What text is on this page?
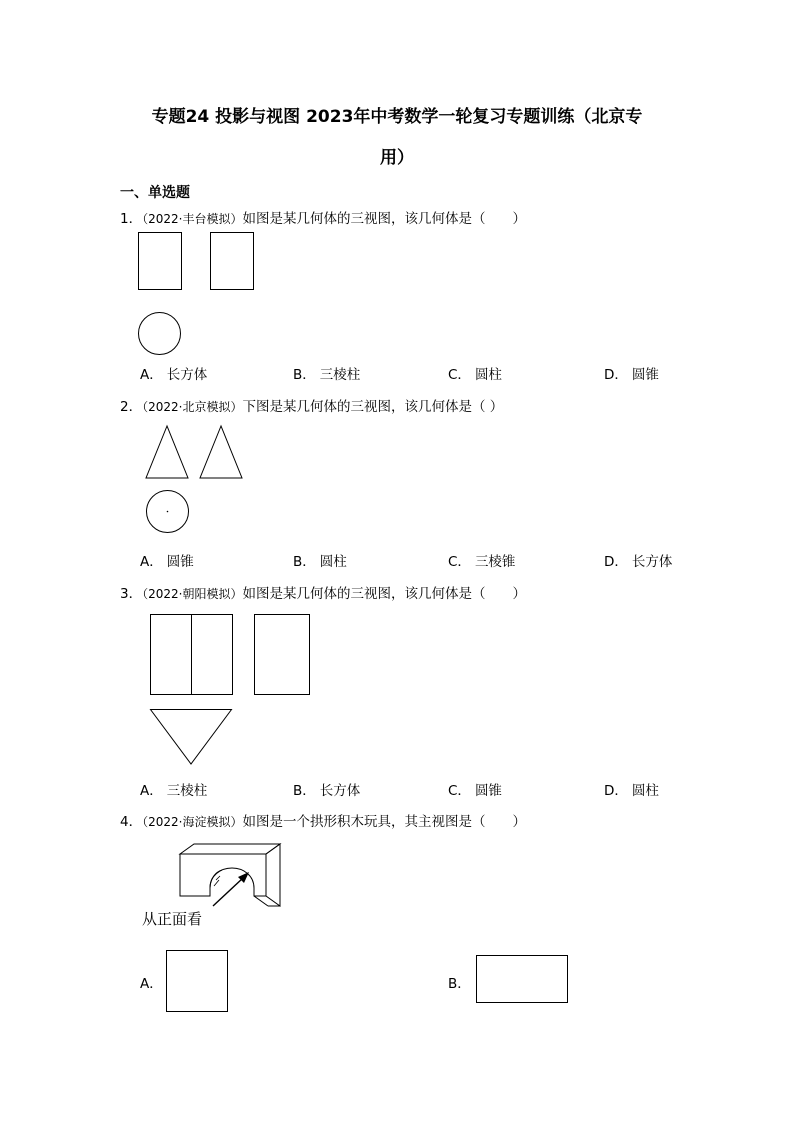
专题24 投影与视图 2023年中考数学一轮复习专题训练（北京专
用）
一、单选题
1．（2022·丰台模拟）如图是某几何体的三视图，该几何体是（　　）
A． 长方体	B． 三棱柱	C． 圆柱	D． 圆锥
2．（2022·北京模拟）下图是某几何体的三视图，该几何体是（ ）
A． 圆锥	B． 圆柱	C． 三棱锥	D． 长方体
3．（2022·朝阳模拟）如图是某几何体的三视图，该几何体是（　　）
A． 三棱柱	B． 长方体	C． 圆锥	D． 圆柱
4．（2022·海淀模拟）如图是一个拱形积木玩具，其主视图是（　　）
从正面看
A．	B．
